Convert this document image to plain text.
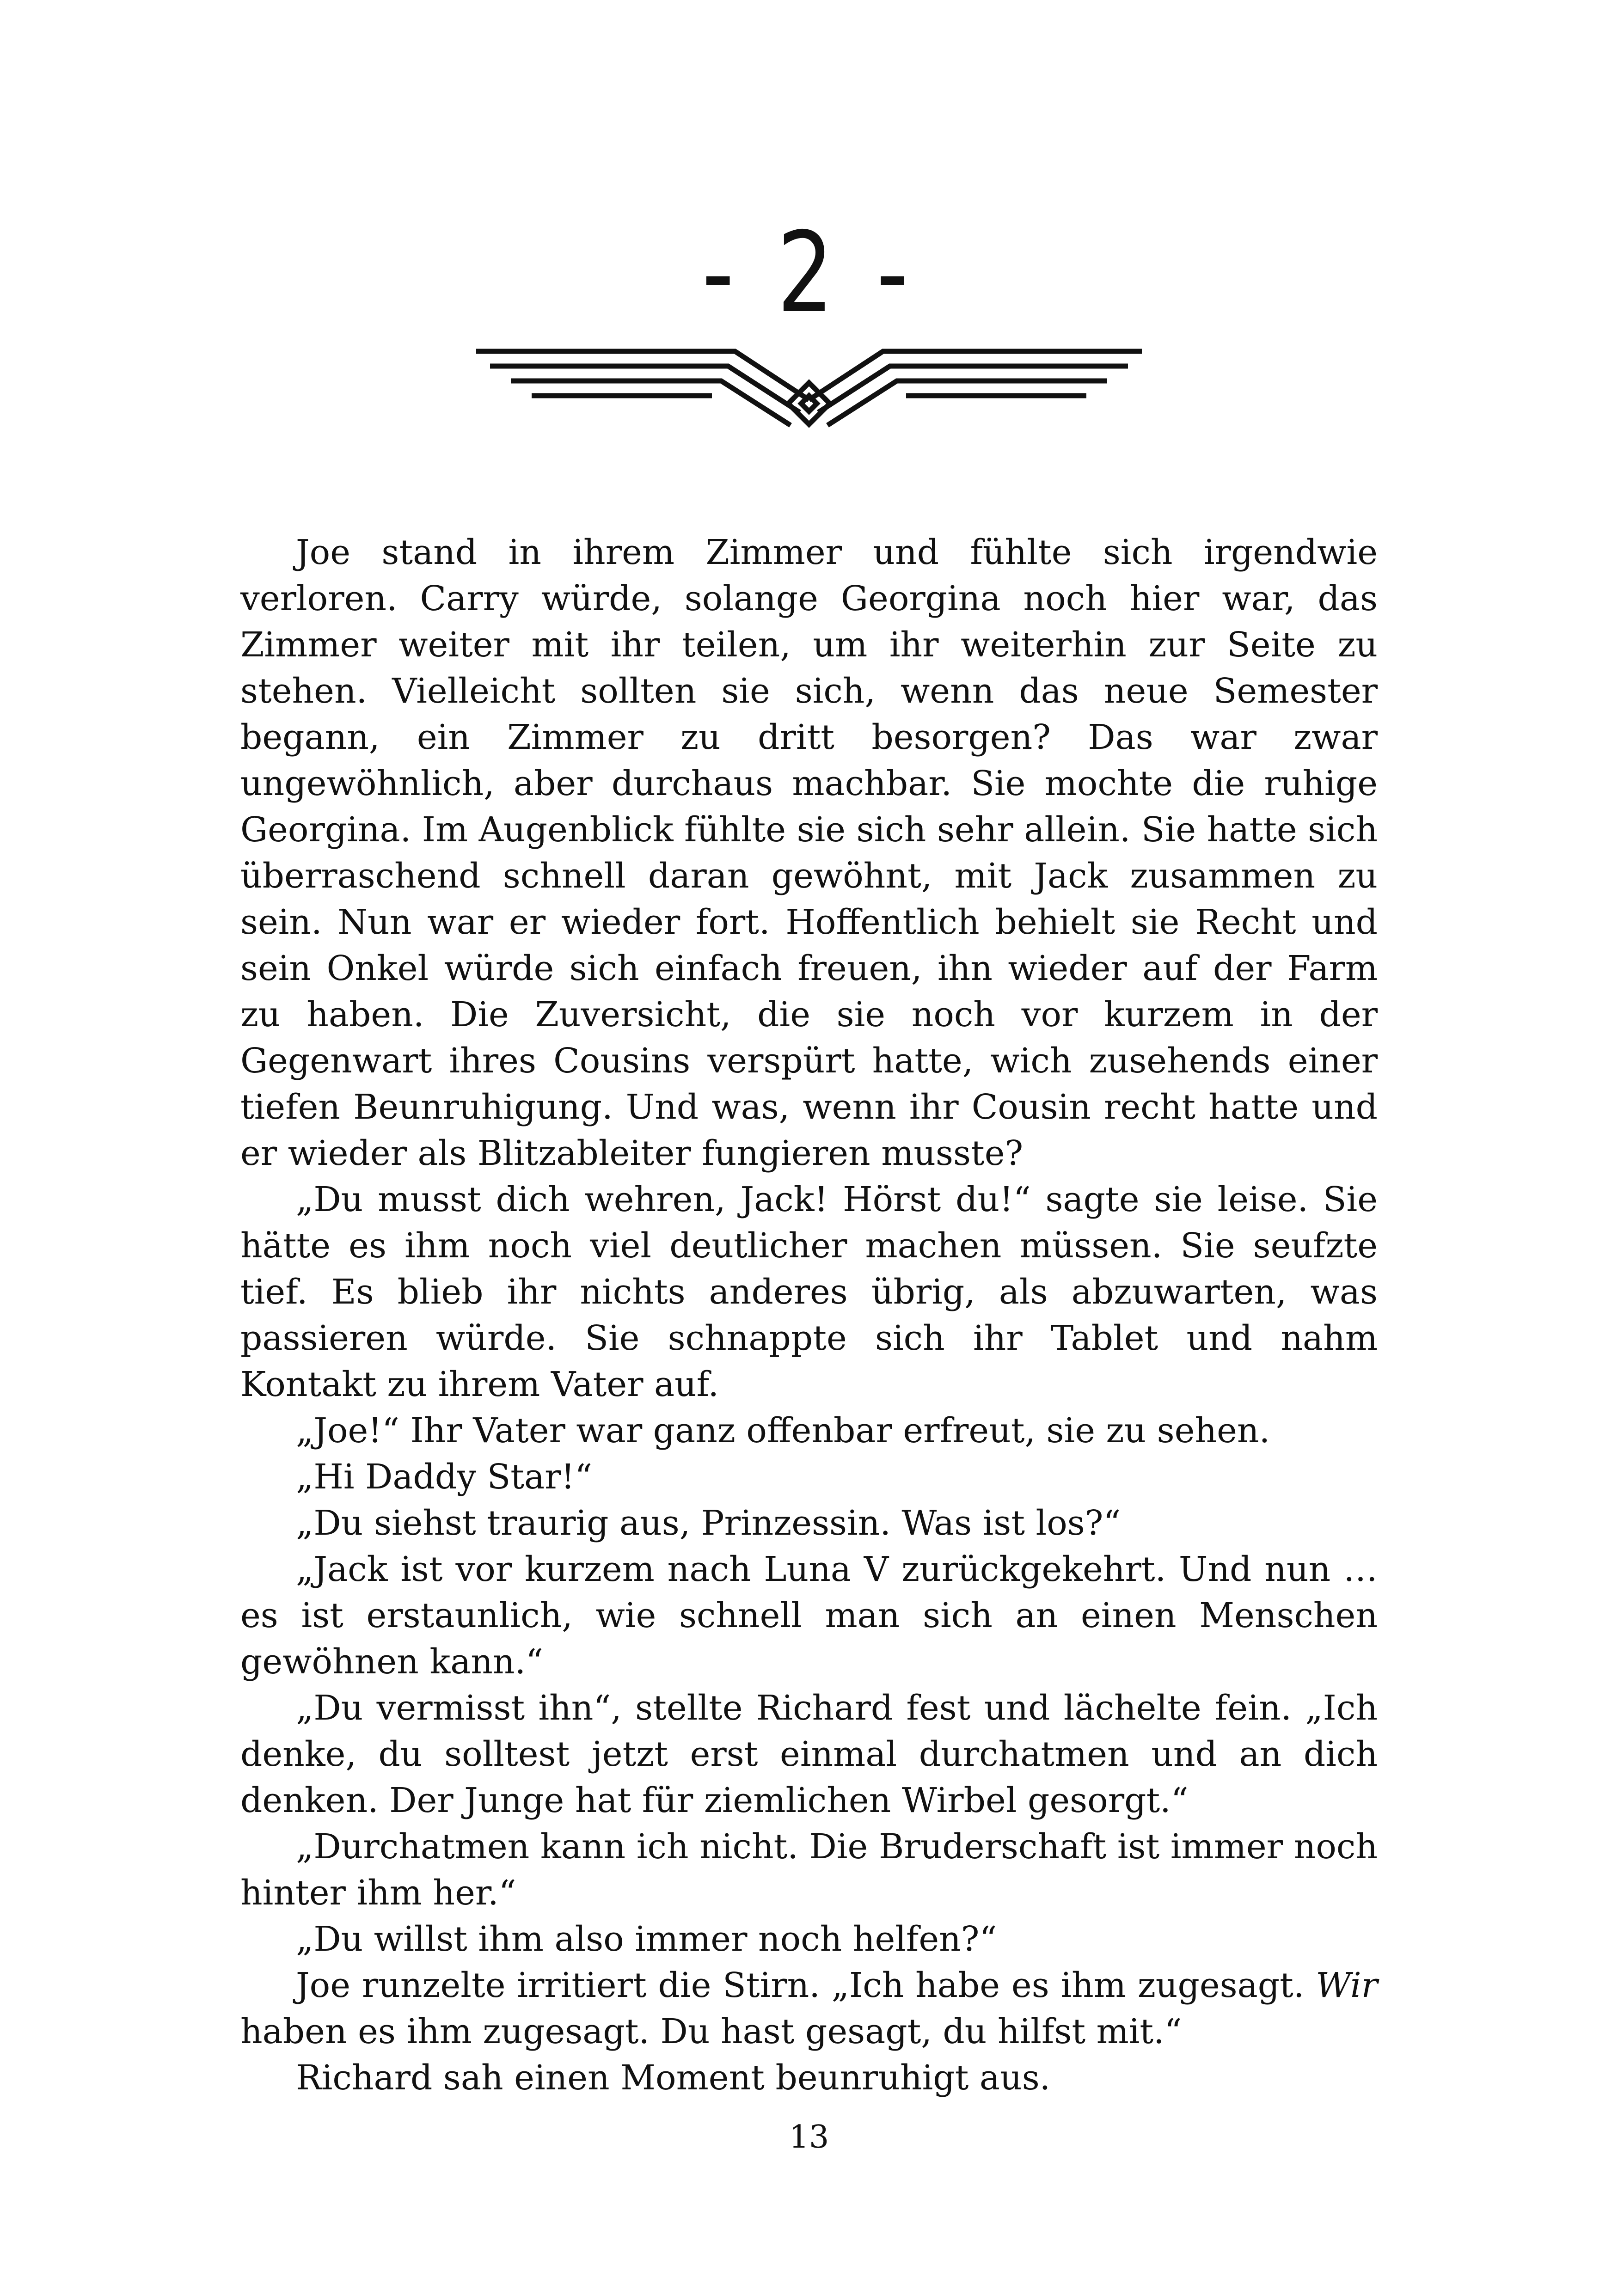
- 2 -

Joe stand in ihrem Zimmer und fühlte sich irgendwie verloren. Carry würde, solange Georgina noch hier war, das Zimmer weiter mit ihr teilen, um ihr weiterhin zur Seite zu stehen. Vielleicht sollten sie sich, wenn das neue Semester begann, ein Zimmer zu dritt besorgen? Das war zwar ungewöhnlich, aber durchaus machbar. Sie mochte die ruhige Georgina. Im Augenblick fühlte sie sich sehr allein. Sie hatte sich überraschend schnell daran gewöhnt, mit Jack zusammen zu sein. Nun war er wieder fort. Hoffentlich behielt sie Recht und sein Onkel würde sich einfach freuen, ihn wieder auf der Farm zu haben. Die Zuversicht, die sie noch vor kurzem in der Gegenwart ihres Cousins verspürt hatte, wich zusehends einer tiefen Beunruhigung. Und was, wenn ihr Cousin recht hatte und er wieder als Blitzableiter fungieren musste?

„Du musst dich wehren, Jack! Hörst du!“ sagte sie leise. Sie hätte es ihm noch viel deutlicher machen müssen. Sie seufzte tief. Es blieb ihr nichts anderes übrig, als abzuwarten, was passieren würde. Sie schnappte sich ihr Tablet und nahm Kontakt zu ihrem Vater auf.

„Joe!“ Ihr Vater war ganz offenbar erfreut, sie zu sehen.

„Hi Daddy Star!“

„Du siehst traurig aus, Prinzessin. Was ist los?“

„Jack ist vor kurzem nach Luna V zurückgekehrt. Und nun … es ist erstaunlich, wie schnell man sich an einen Menschen gewöhnen kann.“

„Du vermisst ihn“, stellte Richard fest und lächelte fein. „Ich denke, du solltest jetzt erst einmal durchatmen und an dich denken. Der Junge hat für ziemlichen Wirbel gesorgt.“

„Durchatmen kann ich nicht. Die Bruderschaft ist immer noch hinter ihm her.“

„Du willst ihm also immer noch helfen?“

Joe runzelte irritiert die Stirn. „Ich habe es ihm zugesagt. Wir haben es ihm zugesagt. Du hast gesagt, du hilfst mit.“

Richard sah einen Moment beunruhigt aus.

13
